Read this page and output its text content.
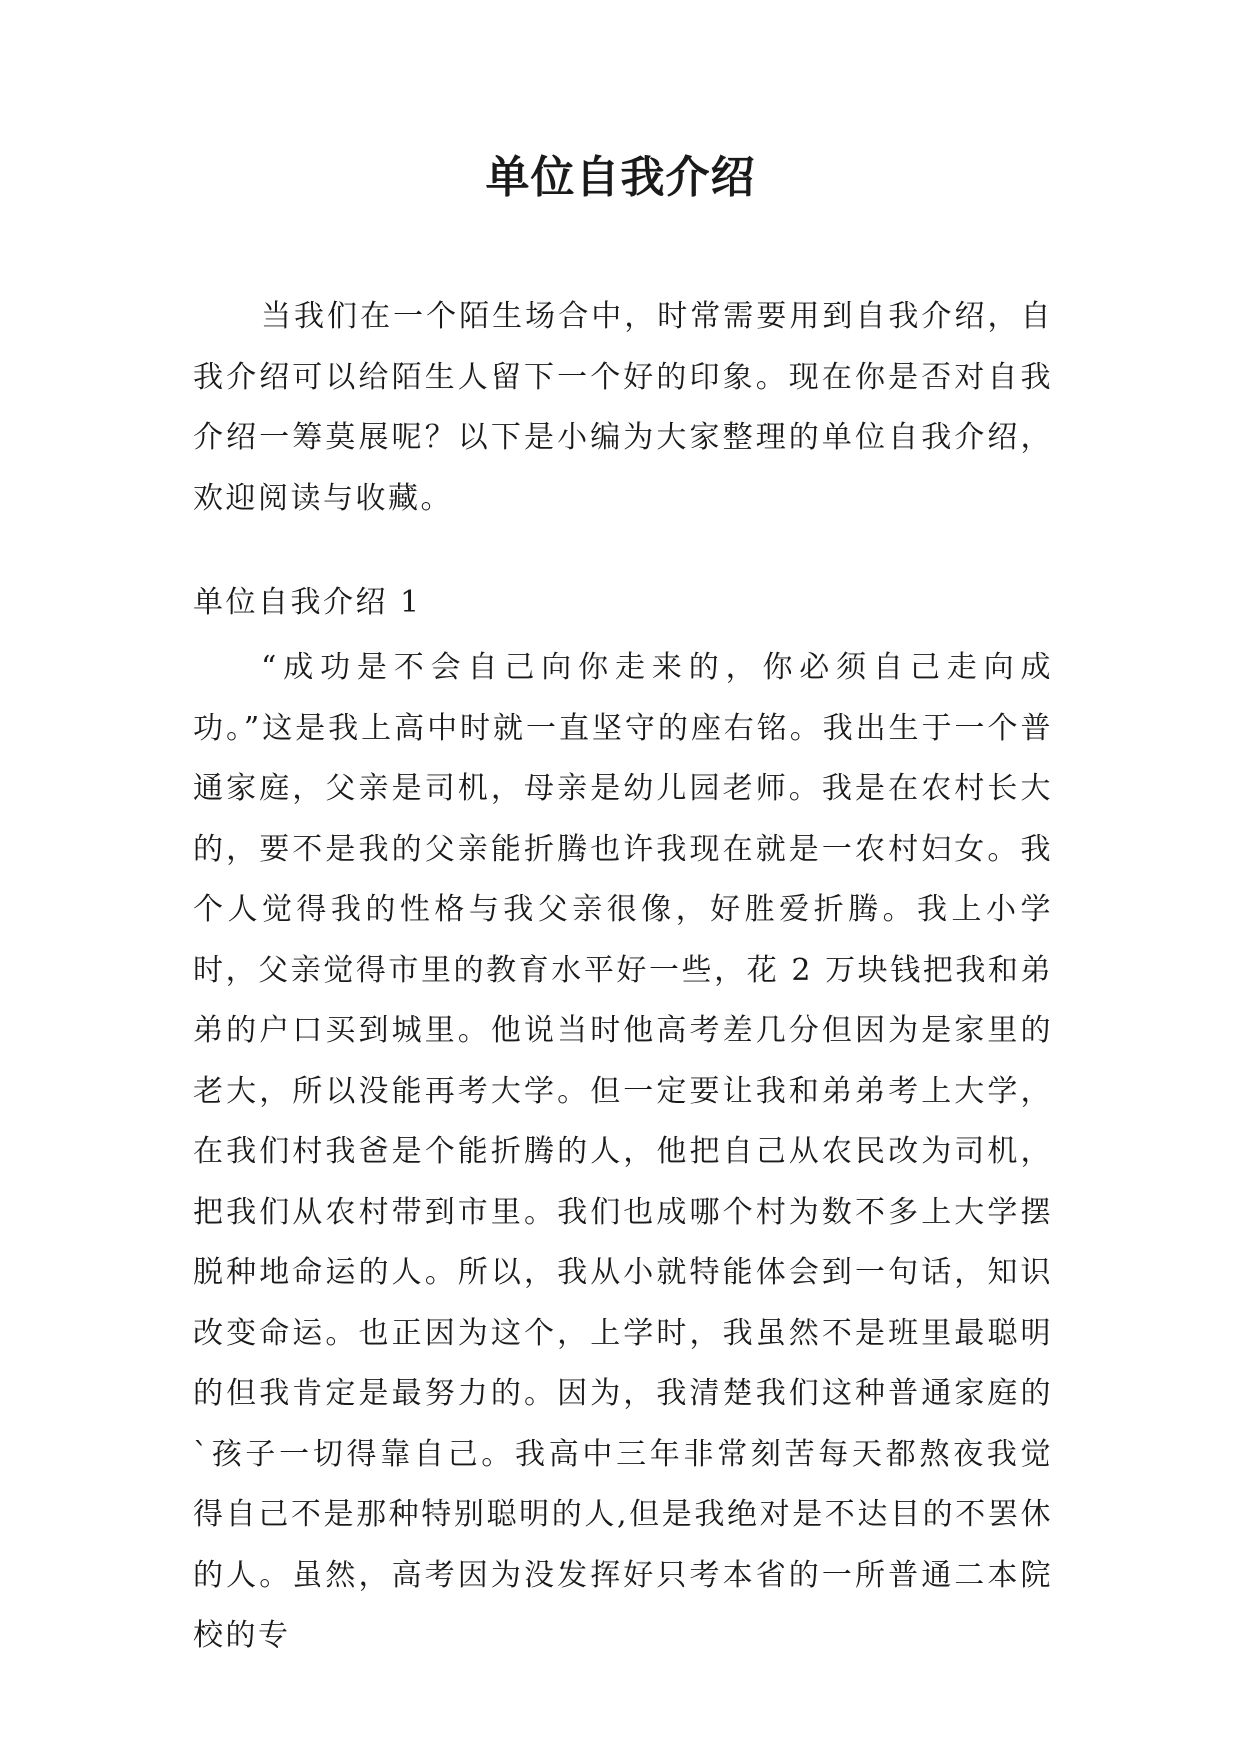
单位自我介绍

当我们在一个陌生场合中，时常需要用到自我介绍，自我介绍可以给陌生人留下一个好的印象。现在你是否对自我介绍一筹莫展呢？以下是小编为大家整理的单位自我介绍，欢迎阅读与收藏。

单位自我介绍 1

“成功是不会自己向你走来的，你必须自己走向成功。”这是我上高中时就一直坚守的座右铭。我出生于一个普通家庭，父亲是司机，母亲是幼儿园老师。我是在农村长大的，要不是我的父亲能折腾也许我现在就是一农村妇女。我个人觉得我的性格与我父亲很像，好胜爱折腾。我上小学时，父亲觉得市里的教育水平好一些，花 2 万块钱把我和弟弟的户口买到城里。他说当时他高考差几分但因为是家里的老大，所以没能再考大学。但一定要让我和弟弟考上大学，在我们村我爸是个能折腾的人，他把自己从农民改为司机，把我们从农村带到市里。我们也成哪个村为数不多上大学摆脱种地命运的人。所以，我从小就特能体会到一句话，知识改变命运。也正因为这个，上学时，我虽然不是班里最聪明的但我肯定是最努力的。因为，我清楚我们这种普通家庭的`孩子一切得靠自己。我高中三年非常刻苦每天都熬夜我觉得自己不是那种特别聪明的人,但是我绝对是不达目的不罢休的人。虽然，高考因为没发挥好只考本省的一所普通二本院校的专
